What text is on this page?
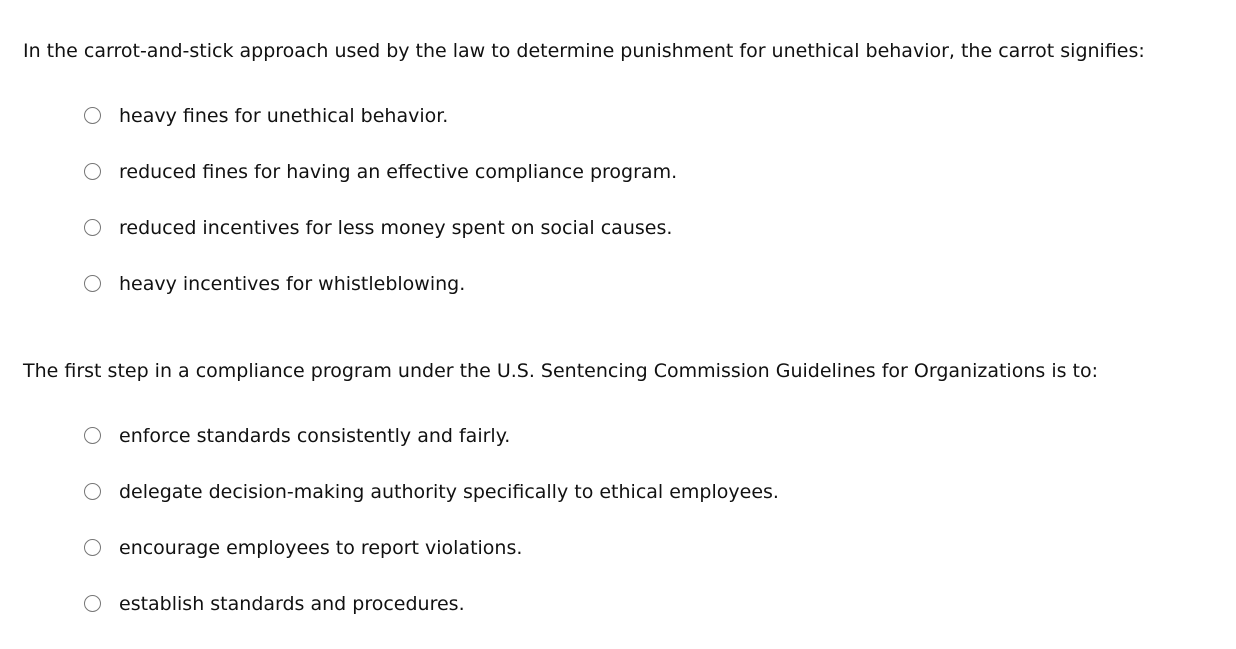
In the carrot-and-stick approach used by the law to determine punishment for unethical behavior, the carrot signifies:

heavy fines for unethical behavior.
reduced fines for having an effective compliance program.
reduced incentives for less money spent on social causes.
heavy incentives for whistleblowing.

The first step in a compliance program under the U.S. Sentencing Commission Guidelines for Organizations is to:

enforce standards consistently and fairly.
delegate decision-making authority specifically to ethical employees.
encourage employees to report violations.
establish standards and procedures.
